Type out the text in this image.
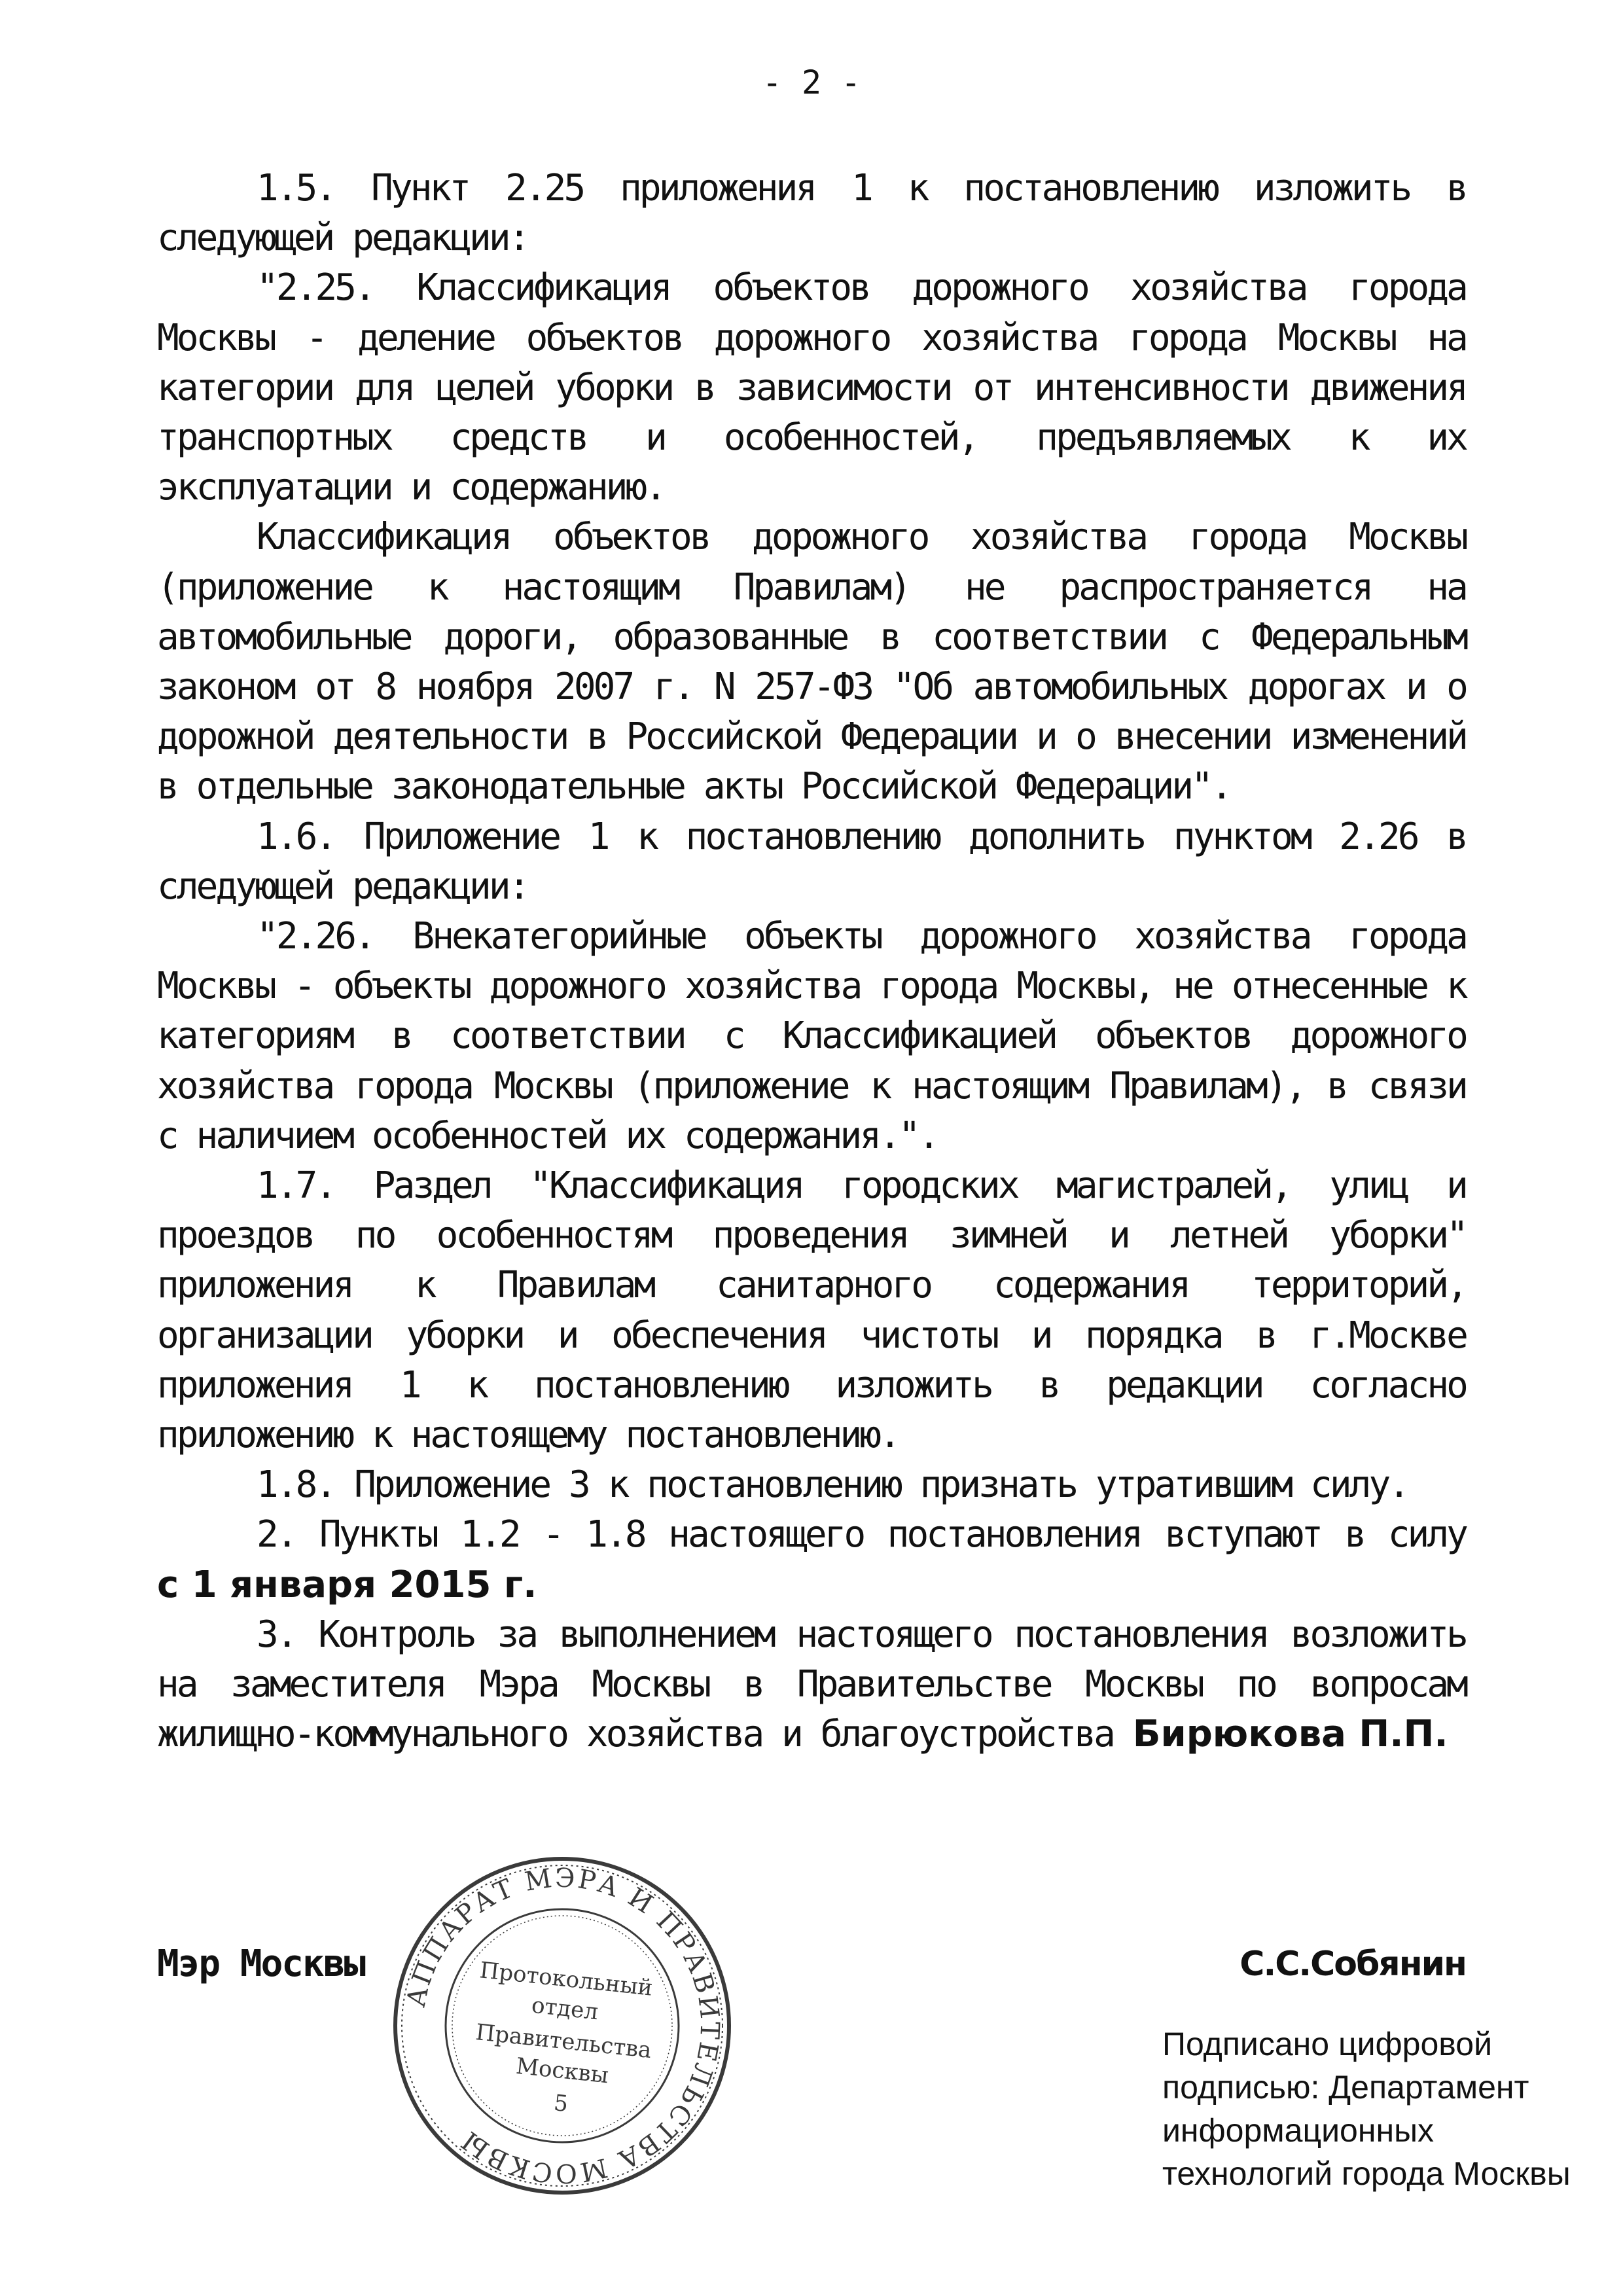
- 2 -

1.5. Пункт 2.25 приложения 1 к постановлению изложить в следующей редакции:

"2.25. Классификация объектов дорожного хозяйства города Москвы - деление объектов дорожного хозяйства города Москвы на категории для целей уборки в зависимости от интенсивности движения транспортных средств и особенностей, предъявляемых к их эксплуатации и содержанию.

Классификация объектов дорожного хозяйства города Москвы (приложение к настоящим Правилам) не распространяется на автомобильные дороги, образованные в соответствии с Федеральным законом от 8 ноября 2007 г. N 257-ФЗ "Об автомобильных дорогах и о дорожной деятельности в Российской Федерации и о внесении изменений в отдельные законодательные акты Российской Федерации".

1.6. Приложение 1 к постановлению дополнить пунктом 2.26 в следующей редакции:

"2.26. Внекатегорийные объекты дорожного хозяйства города Москвы - объекты дорожного хозяйства города Москвы, не отнесенные к категориям в соответствии с Классификацией объектов дорожного хозяйства города Москвы (приложение к настоящим Правилам), в связи с наличием особенностей их содержания.".

1.7. Раздел "Классификация городских магистралей, улиц и проездов по особенностям проведения зимней и летней уборки" приложения к Правилам санитарного содержания территорий, организации уборки и обеспечения чистоты и порядка в г.Москве приложения 1 к постановлению изложить в редакции согласно приложению к настоящему постановлению.

1.8. Приложение 3 к постановлению признать утратившим силу.

2. Пункты 1.2 - 1.8 настоящего постановления вступают в силу с 1 января 2015 г.

3. Контроль за выполнением настоящего постановления возложить на заместителя Мэра Москвы в Правительстве Москвы по вопросам жилищно-коммунального хозяйства и благоустройства Бирюкова П.П.

Мэр Москвы
АППАРАТ МЭРА И ПРАВИТЕЛЬСТВА МОСКВЫ
Протокольный
отдел
Правительства
Москвы
5
С.С.Собянин
Подписано цифровой подписью: Департамент информационных технологий города Москвы
